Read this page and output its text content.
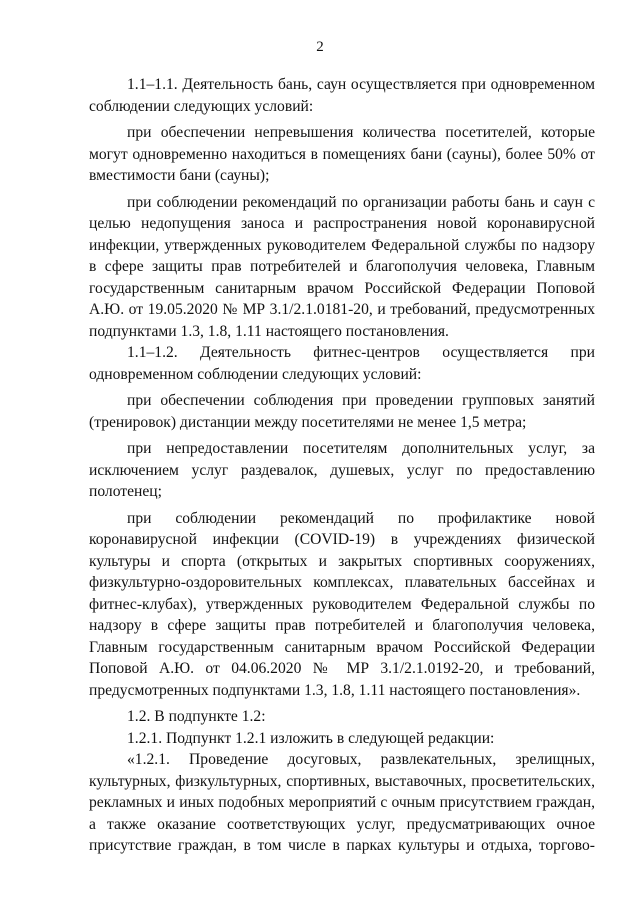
2

1.1–1.1. Деятельность бань, саун осуществляется при одновременном соблюдении следующих условий:

при обеспечении непревышения количества посетителей, которые могут одновременно находиться в помещениях бани (сауны), более 50% от вместимости бани (сауны);

при соблюдении рекомендаций по организации работы бань и саун с целью недопущения заноса и распространения новой коронавирусной инфекции, утвержденных руководителем Федеральной службы по надзору в сфере защиты прав потребителей и благополучия человека, Главным государственным санитарным врачом Российской Федерации Поповой А.Ю. от 19.05.2020 № МР 3.1/2.1.0181-20, и требований, предусмотренных подпунктами 1.3, 1.8, 1.11 настоящего постановления.

1.1–1.2. Деятельность фитнес-центров осуществляется при одновременном соблюдении следующих условий:

при обеспечении соблюдения при проведении групповых занятий (тренировок) дистанции между посетителями не менее 1,5 метра;

при непредоставлении посетителям дополнительных услуг, за исключением услуг раздевалок, душевых, услуг по предоставлению полотенец;

при соблюдении рекомендаций по профилактике новой коронавирусной инфекции (COVID-19) в учреждениях физической культуры и спорта (открытых и закрытых спортивных сооружениях, физкультурно-оздоровительных комплексах, плавательных бассейнах и фитнес-клубах), утвержденных руководителем Федеральной службы по надзору в сфере защиты прав потребителей и благополучия человека, Главным государственным санитарным врачом Российской Федерации Поповой А.Ю. от 04.06.2020 № МР 3.1/2.1.0192-20, и требований, предусмотренных подпунктами 1.3, 1.8, 1.11 настоящего постановления».

1.2. В подпункте 1.2:

1.2.1. Подпункт 1.2.1 изложить в следующей редакции:

«1.2.1. Проведение досуговых, развлекательных, зрелищных, культурных, физкультурных, спортивных, выставочных, просветительских, рекламных и иных подобных мероприятий с очным присутствием граждан, а также оказание соответствующих услуг, предусматривающих очное присутствие граждан, в том числе в парках культуры и отдыха, торгово-
